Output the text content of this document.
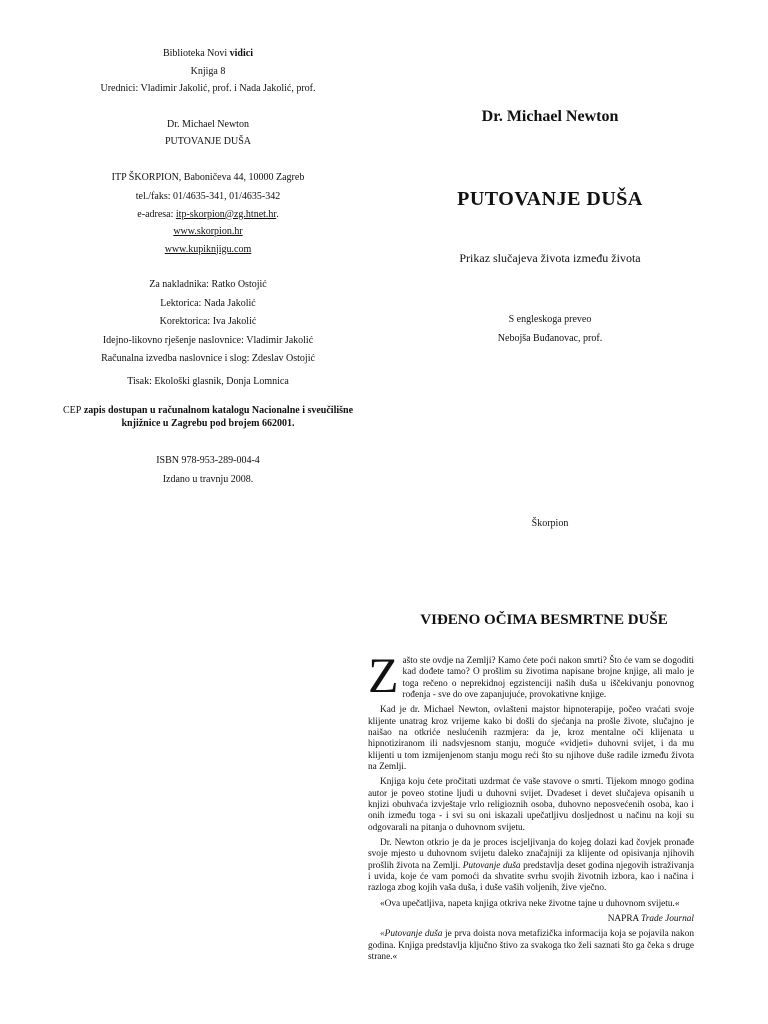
Biblioteka Novi vidici
Knjiga 8
Urednici: Vladimir Jakolić, prof. i Nada Jakolić, prof.
Dr. Michael Newton
PUTOVANJE DUŠA
ITP ŠKORPION, Baboničeva 44, 10000 Zagreb
tel./faks: 01/4635-341, 01/4635-342
e-adresa: itp-skorpion@zg.htnet.hr.
www.skorpion.hr
www.kupiknjigu.com
Za nakladnika: Ratko Ostojić
Lektorica: Nada Jakolić
Korektorica: Iva Jakolić
Idejno-likovno rješenje naslovnice: Vladimir Jakolić
Računalna izvedba naslovnice i slog: Zdeslav Ostojić
Tisak: Ekološki glasnik, Donja Lomnica
CEP zapis dostupan u računalnom katalogu Nacionalne i sveučilišne knjižnice u Zagrebu pod brojem 662001.
ISBN 978-953-289-004-4
Izdano u travnju 2008.
Dr. Michael Newton
PUTOVANJE DUŠA
Prikaz slučajeva života između života
S engleskoga preveo
Nebojša Buđanovac, prof.
Škorpion
VIĐENO OČIMA BESMRTNE DUŠE

Zašto ste ovdje na Zemlji? Kamo ćete poći nakon smrti? Što će vam se dogoditi kad dođete tamo? O prošlim su životima napisane brojne knjige, ali malo je toga rečeno o neprekidnoj egzistenciji naših duša u iščekivanju ponovnog rođenja - sve do ove zapanjujuće, provokativne knjige.

Kad je dr. Michael Newton, ovlašteni majstor hipnoterapije, počeo vraćati svoje klijente unatrag kroz vrijeme kako bi došli do sjećanja na prošle živote, slučajno je naišao na otkriće neslućenih razmjera: da je, kroz mentalne oči klijenata u hipnotiziranom ili nadsvjesnom stanju, moguće «vidjeti» duhovni svijet, i da mu klijenti u tom izmijenjenom stanju mogu reći što su njihove duše radile između života na Zemlji.

Knjiga koju ćete pročitati uzdrmat će vaše stavove o smrti. Tijekom mnogo godina autor je poveo stotine ljudi u duhovni svijet. Dvadeset i devet slučajeva opisanih u knjizi obuhvaća izvještaje vrlo religioznih osoba, duhovno neposvećenih osoba, kao i onih između toga - i svi su oni iskazali upečatljivu dosljednost u načinu na koji su odgovarali na pitanja o duhovnom svijetu.

Dr. Newton otkrio je da je proces iscjeljivanja do kojeg dolazi kad čovjek pronađe svoje mjesto u duhovnom svijetu daleko značajniji za klijente od opisivanja njihovih prošlih života na Zemlji. Putovanje duša predstavlja deset godina njegovih istraživanja i uvida, koje će vam pomoći da shvatite svrhu svojih životnih izbora, kao i načina i razloga zbog kojih vaša duša, i duše vaših voljenih, žive vječno.

«Ova upečatljiva, napeta knjiga otkriva neke životne tajne u duhovnom svijetu.«

NAPRA Trade Journal

«Putovanje duša je prva doista nova metafizička informacija koja se pojavila nakon godina. Knjiga predstavlja ključno štivo za svakoga tko želi saznati što ga čeka s druge strane.«
